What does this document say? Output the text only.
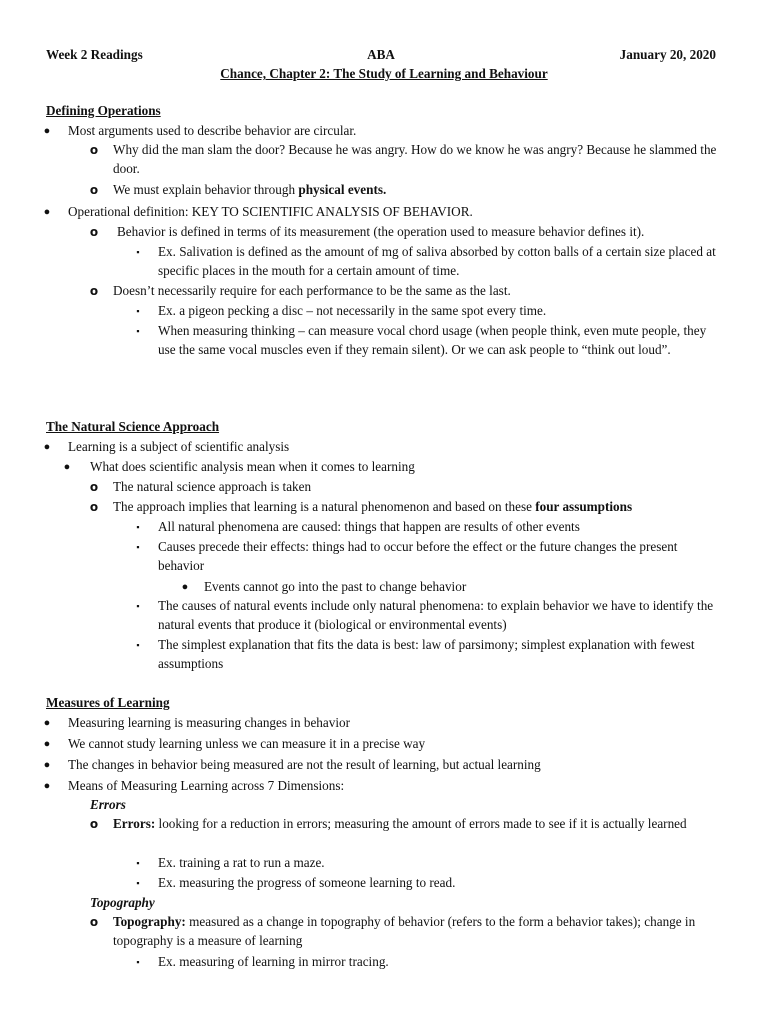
Week 2 Readings	ABA	January 20, 2020
Chance, Chapter 2: The Study of Learning and Behaviour
Defining Operations
● Most arguments used to describe behavior are circular.
o Why did the man slam the door? Because he was angry. How do we know he was angry? Because he slammed the door.
o We must explain behavior through physical events.
● Operational definition: KEY TO SCIENTIFIC ANALYSIS OF BEHAVIOR.
o Behavior is defined in terms of its measurement (the operation used to measure behavior defines it).
▪	Ex. Salivation is defined as the amount of mg of saliva absorbed by cotton balls of a certain size placed at specific places in the mouth for a certain amount of time.
o Doesn’t necessarily require for each performance to be the same as the last.
▪	Ex. a pigeon pecking a disc – not necessarily in the same spot every time.
▪	When measuring thinking – can measure vocal chord usage (when people think, even mute people, they use the same vocal muscles even if they remain silent). Or we can ask people to “think out loud”.
The Natural Science Approach
● Learning is a subject of scientific analysis
● What does scientific analysis mean when it comes to learning
o The natural science approach is taken
o The approach implies that learning is a natural phenomenon and based on these four assumptions
▪	All natural phenomena are caused: things that happen are results of other events
▪	Causes precede their effects: things had to occur before the effect or the future changes the present behavior
● Events cannot go into the past to change behavior
▪	The causes of natural events include only natural phenomena: to explain behavior we have to identify the natural events that produce it (biological or environmental events)
▪	The simplest explanation that fits the data is best: law of parsimony; simplest explanation with fewest assumptions
Measures of Learning
● Measuring learning is measuring changes in behavior
● We cannot study learning unless we can measure it in a precise way
● The changes in behavior being measured are not the result of learning, but actual learning
● Means of Measuring Learning across 7 Dimensions:
Errors
o Errors: looking for a reduction in errors; measuring the amount of errors made to see if it is actually learned
▪	Ex. training a rat to run a maze.
▪	Ex. measuring the progress of someone learning to read.
Topography
o Topography: measured as a change in topography of behavior (refers to the form a behavior takes); change in topography is a measure of learning
▪	Ex. measuring of learning in mirror tracing.
